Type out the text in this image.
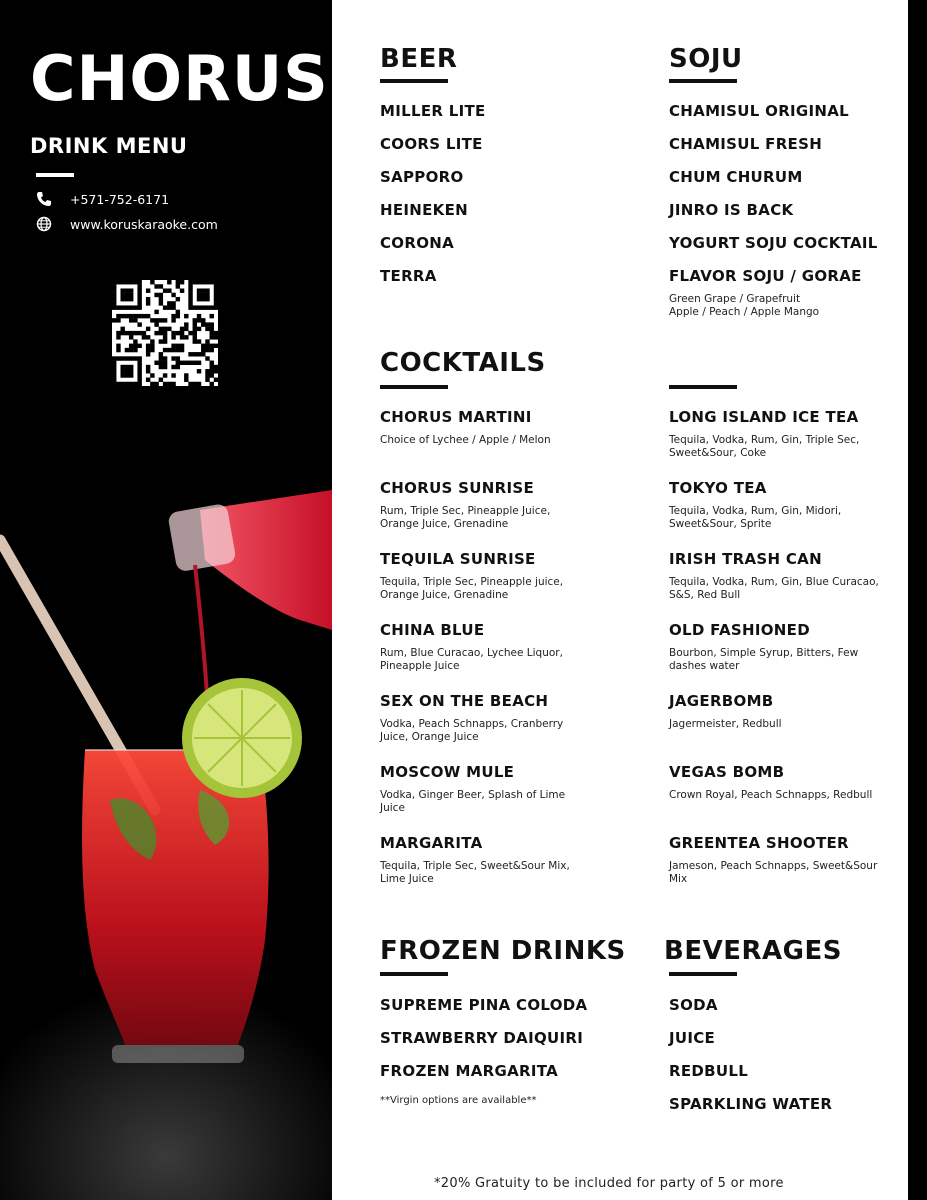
CHORUS
DRINK MENU
+571-752-6171
www.koruskaraoke.com
BEER
MILLER LITE
COORS LITE
SAPPORO
HEINEKEN
CORONA
TERRA
SOJU
CHAMISUL ORIGINAL
CHAMISUL FRESH
CHUM CHURUM
JINRO IS BACK
YOGURT SOJU COCKTAIL
FLAVOR SOJU / GORAE
Green Grape / Grapefruit
Apple / Peach / Apple Mango
COCKTAILS
CHORUS MARTINI
Choice of Lychee / Apple / Melon
CHORUS SUNRISE
Rum, Triple Sec, Pineapple Juice, Orange Juice, Grenadine
TEQUILA SUNRISE
Tequila, Triple Sec, Pineapple juice, Orange Juice, Grenadine
CHINA BLUE
Rum, Blue Curacao, Lychee Liquor, Pineapple Juice
SEX ON THE BEACH
Vodka, Peach Schnapps, Cranberry Juice, Orange Juice
MOSCOW MULE
Vodka, Ginger Beer, Splash of Lime Juice
MARGARITA
Tequila, Triple Sec, Sweet&Sour Mix, Lime Juice
LONG ISLAND ICE TEA
Tequila, Vodka, Rum, Gin, Triple Sec, Sweet&Sour, Coke
TOKYO TEA
Tequila, Vodka, Rum, Gin, Midori, Sweet&Sour, Sprite
IRISH TRASH CAN
Tequila, Vodka, Rum, Gin, Blue Curacao, S&S, Red Bull
OLD FASHIONED
Bourbon, Simple Syrup, Bitters, Few dashes water
JAGERBOMB
Jagermeister, Redbull
VEGAS BOMB
Crown Royal, Peach Schnapps, Redbull
GREENTEA SHOOTER
Jameson, Peach Schnapps, Sweet&Sour Mix
FROZEN DRINKS
SUPREME PINA COLODA
STRAWBERRY DAIQUIRI
FROZEN MARGARITA
**Virgin options are available**
BEVERAGES
SODA
JUICE
REDBULL
SPARKLING WATER
*20% Gratuity to be included for party of 5 or more
